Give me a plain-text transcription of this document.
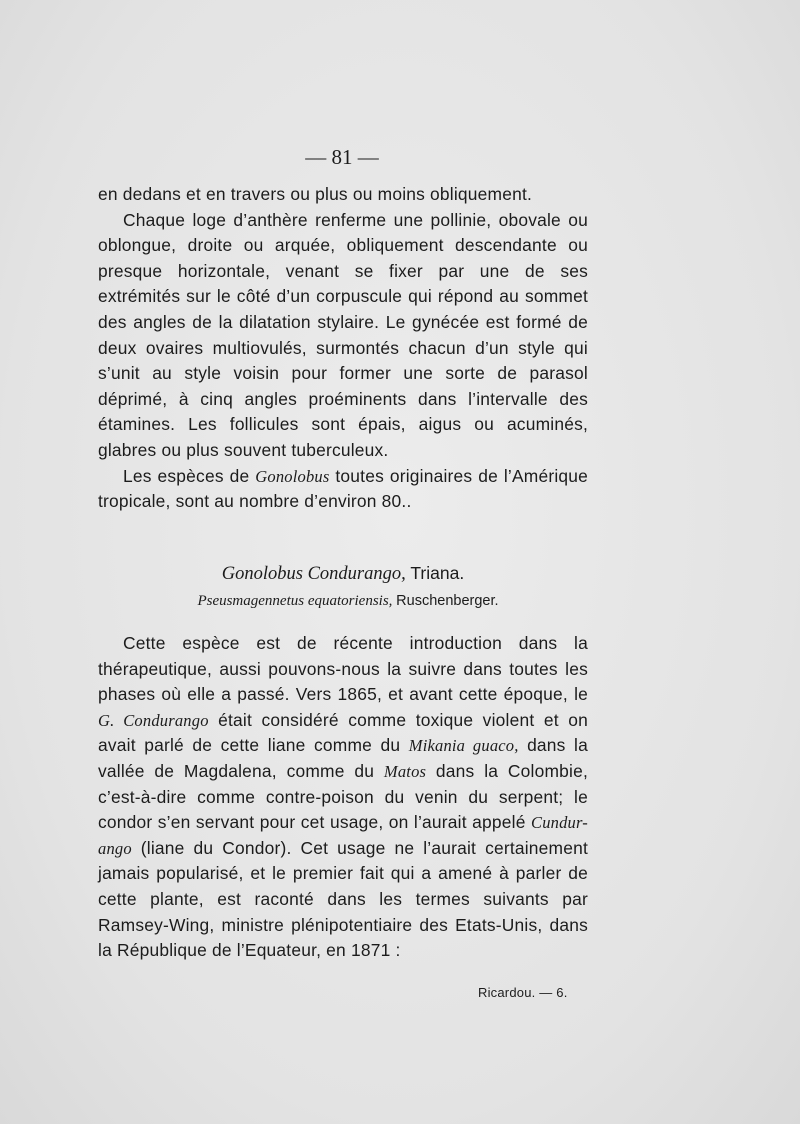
— 81 —

en dedans et en travers ou plus ou moins obliquement.

Chaque loge d’anthère renferme une pollinie, obovale ou oblongue, droite ou arquée, obliquement descendante ou presque horizontale, venant se fixer par une de ses extrémités sur le côté d’un corpuscule qui répond au sommet des angles de la dilatation stylaire. Le gynécée est formé de deux ovaires multiovulés, surmontés chacun d’un style qui s’unit au style voisin pour former une sorte de parasol déprimé, à cinq angles proéminents dans l’intervalle des étamines. Les follicules sont épais, aigus ou acuminés, glabres ou plus souvent tuberculeux.

Les espèces de Gonolobus toutes originaires de l’Amérique tropicale, sont au nombre d’environ 80..

Gonolobus Condurango, Triana.
Pseusmagennetus equatoriensis, Ruschenberger.

Cette espèce est de récente introduction dans la thérapeutique, aussi pouvons-nous la suivre dans toutes les phases où elle a passé. Vers 1865, et avant cette époque, le G. Condurango était considéré comme toxique violent et on avait parlé de cette liane comme du Mikania guaco, dans la vallée de Magdalena, comme du Matos dans la Colombie, c’est-à-dire comme contre-poison du venin du serpent; le condor s’en servant pour cet usage, on l’aurait appelé Cundur-ango (liane du Condor). Cet usage ne l’aurait certainement jamais popularisé, et le premier fait qui a amené à parler de cette plante, est raconté dans les termes suivants par Ramsey-Wing, ministre plénipotentiaire des Etats-Unis, dans la République de l’Equateur, en 1871 :

Ricardou. — 6.
